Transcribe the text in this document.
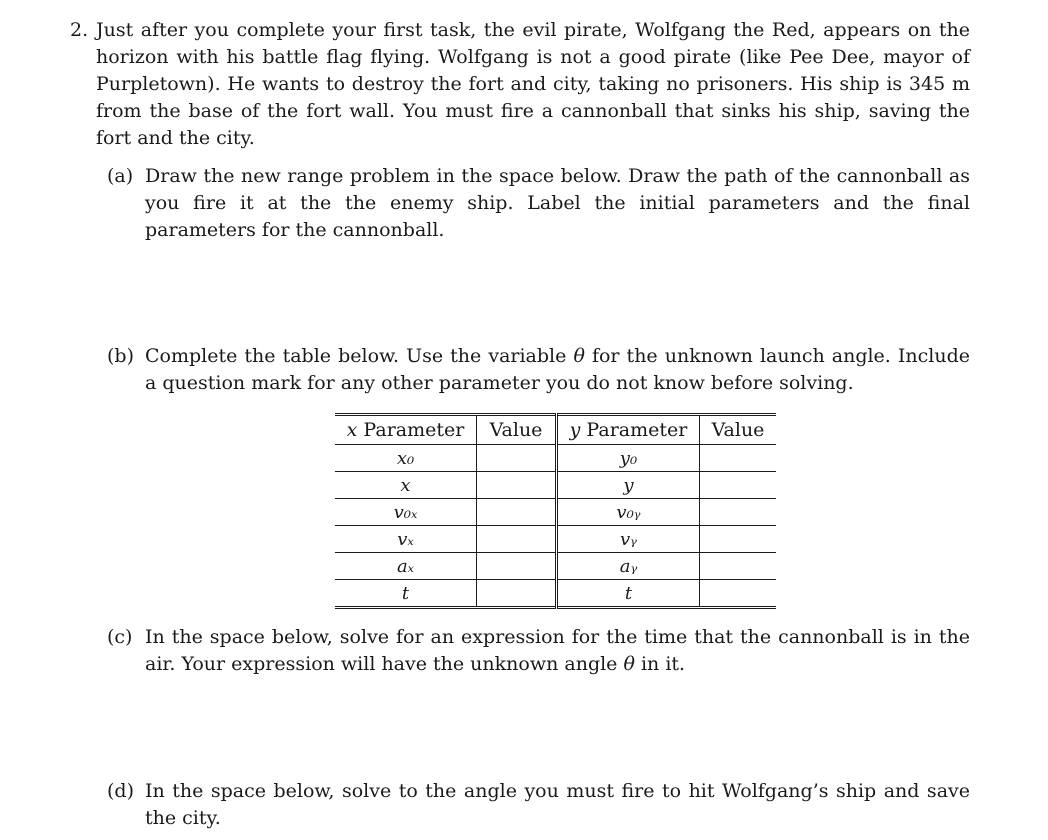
2. Just after you complete your first task, the evil pirate, Wolfgang the Red, appears on the horizon with his battle flag flying. Wolfgang is not a good pirate (like Pee Dee, mayor of Purpletown). He wants to destroy the fort and city, taking no prisoners. His ship is 345 m from the base of the fort wall. You must fire a cannonball that sinks his ship, saving the fort and the city.
(a) Draw the new range problem in the space below. Draw the path of the cannonball as you fire it at the the enemy ship. Label the initial parameters and the final parameters for the cannonball.
(b) Complete the table below. Use the variable θ for the unknown launch angle. Include a question mark for any other parameter you do not know before solving.
x Parameter	Value	y Parameter	Value
x₀		y₀	
x		y	
v₀ₓ		v₀ᵧ	
vₓ		vᵧ	
aₓ		aᵧ	
t		t	
(c) In the space below, solve for an expression for the time that the cannonball is in the air. Your expression will have the unknown angle θ in it.
(d) In the space below, solve to the angle you must fire to hit Wolfgang’s ship and save the city.
